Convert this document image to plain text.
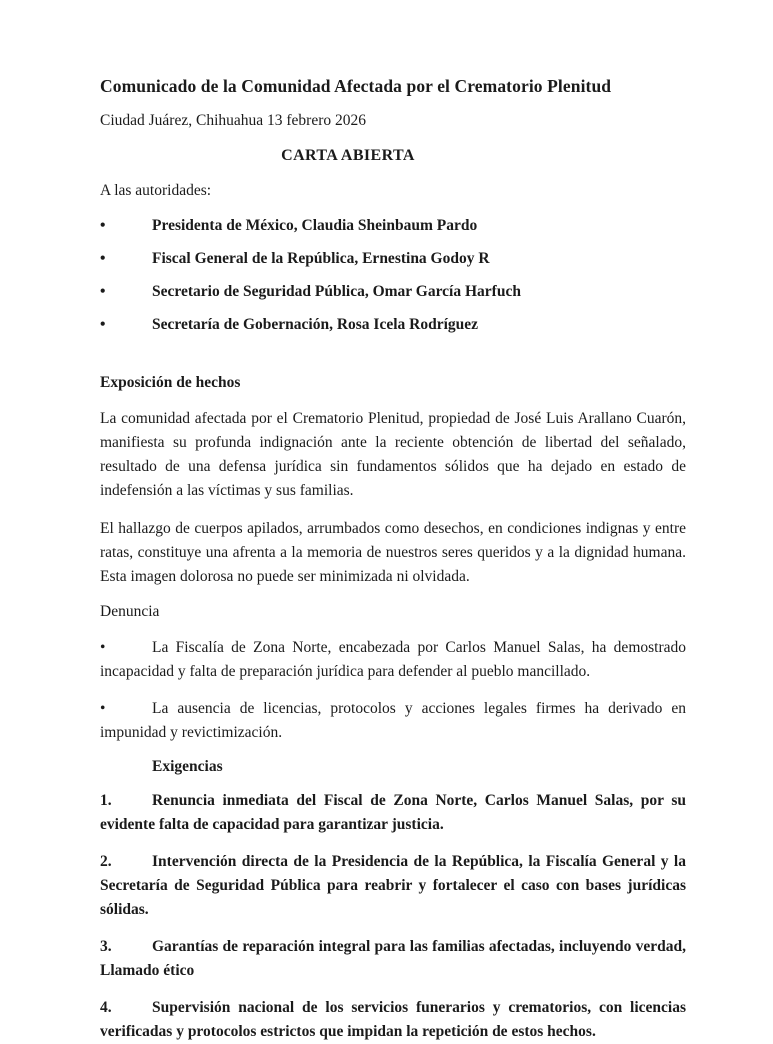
Comunicado de la Comunidad Afectada por el Crematorio Plenitud

Ciudad Juárez, Chihuahua 13 febrero 2026

CARTA ABIERTA

A las autoridades:

•	Presidenta de México, Claudia Sheinbaum Pardo

•	Fiscal General de la República, Ernestina Godoy R

•	Secretario de Seguridad Pública, Omar García Harfuch

•	Secretaría de Gobernación, Rosa Icela Rodríguez

Exposición de hechos

La comunidad afectada por el Crematorio Plenitud, propiedad de José Luis Arallano Cuarón, manifiesta su profunda indignación ante la reciente obtención de libertad del señalado, resultado de una defensa jurídica sin fundamentos sólidos que ha dejado en estado de indefensión a las víctimas y sus familias.

El hallazgo de cuerpos apilados, arrumbados como desechos, en condiciones indignas y entre ratas, constituye una afrenta a la memoria de nuestros seres queridos y a la dignidad humana. Esta imagen dolorosa no puede ser minimizada ni olvidada.

Denuncia

•	La Fiscalía de Zona Norte, encabezada por Carlos Manuel Salas, ha demostrado incapacidad y falta de preparación jurídica para defender al pueblo mancillado.

•	La ausencia de licencias, protocolos y acciones legales firmes ha derivado en impunidad y revictimización.

Exigencias

1.	Renuncia inmediata del Fiscal de Zona Norte, Carlos Manuel Salas, por su evidente falta de capacidad para garantizar justicia.

2.	Intervención directa de la Presidencia de la República, la Fiscalía General y la Secretaría de Seguridad Pública para reabrir y fortalecer el caso con bases jurídicas sólidas.

3.	Garantías de reparación integral para las familias afectadas, incluyendo verdad, Llamado ético

4.	Supervisión nacional de los servicios funerarios y crematorios, con licencias verificadas y protocolos estrictos que impidan la repetición de estos hechos.
